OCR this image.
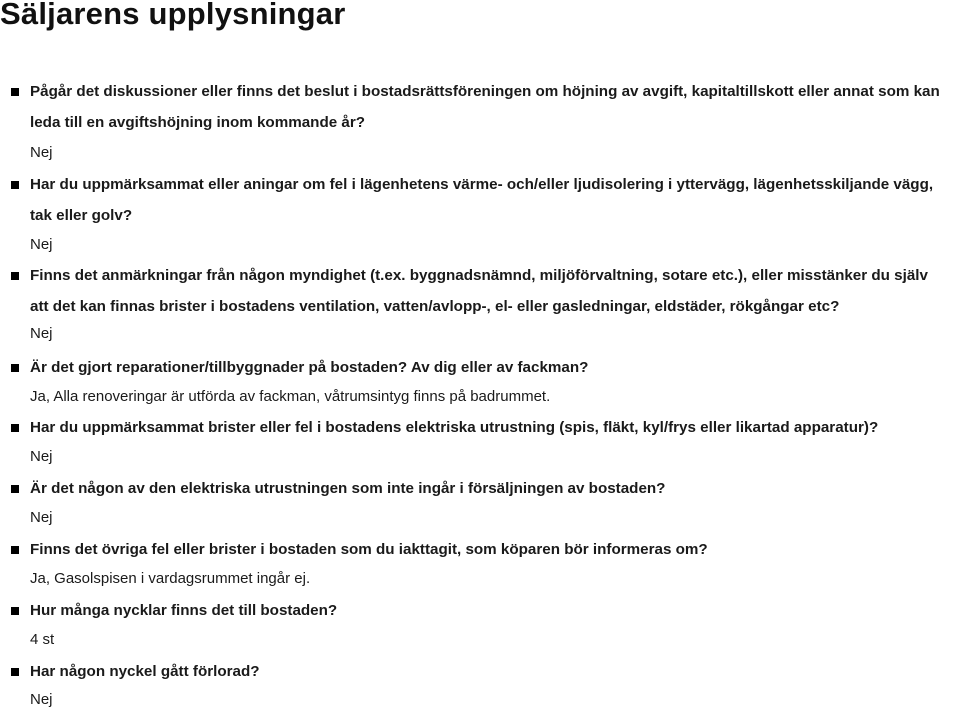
Säljarens upplysningar
Pågår det diskussioner eller finns det beslut i bostadsrättsföreningen om höjning av avgift, kapitaltillskott eller annat som kan leda till en avgiftshöjning inom kommande år?
Nej
Har du uppmärksammat eller aningar om fel i lägenhetens värme- och/eller ljudisolering i yttervägg, lägenhetsskiljande vägg, tak eller golv?
Nej
Finns det anmärkningar från någon myndighet (t.ex. byggnadsnämnd, miljöförvaltning, sotare etc.), eller misstänker du själv att det kan finnas brister i bostadens ventilation, vatten/avlopp-, el- eller gasledningar, eldstäder, rökgångar etc?
Nej
Är det gjort reparationer/tillbyggnader på bostaden? Av dig eller av fackman?
Ja, Alla renoveringar är utförda av fackman, våtrumsintyg finns på badrummet.
Har du uppmärksammat brister eller fel i bostadens elektriska utrustning (spis, fläkt, kyl/frys eller likartad apparatur)?
Nej
Är det någon av den elektriska utrustningen som inte ingår i försäljningen av bostaden?
Nej
Finns det övriga fel eller brister i bostaden som du iakttagit, som köparen bör informeras om?
Ja, Gasolspisen i vardagsrummet ingår ej.
Hur många nycklar finns det till bostaden?
4 st
Har någon nyckel gått förlorad?
Nej
